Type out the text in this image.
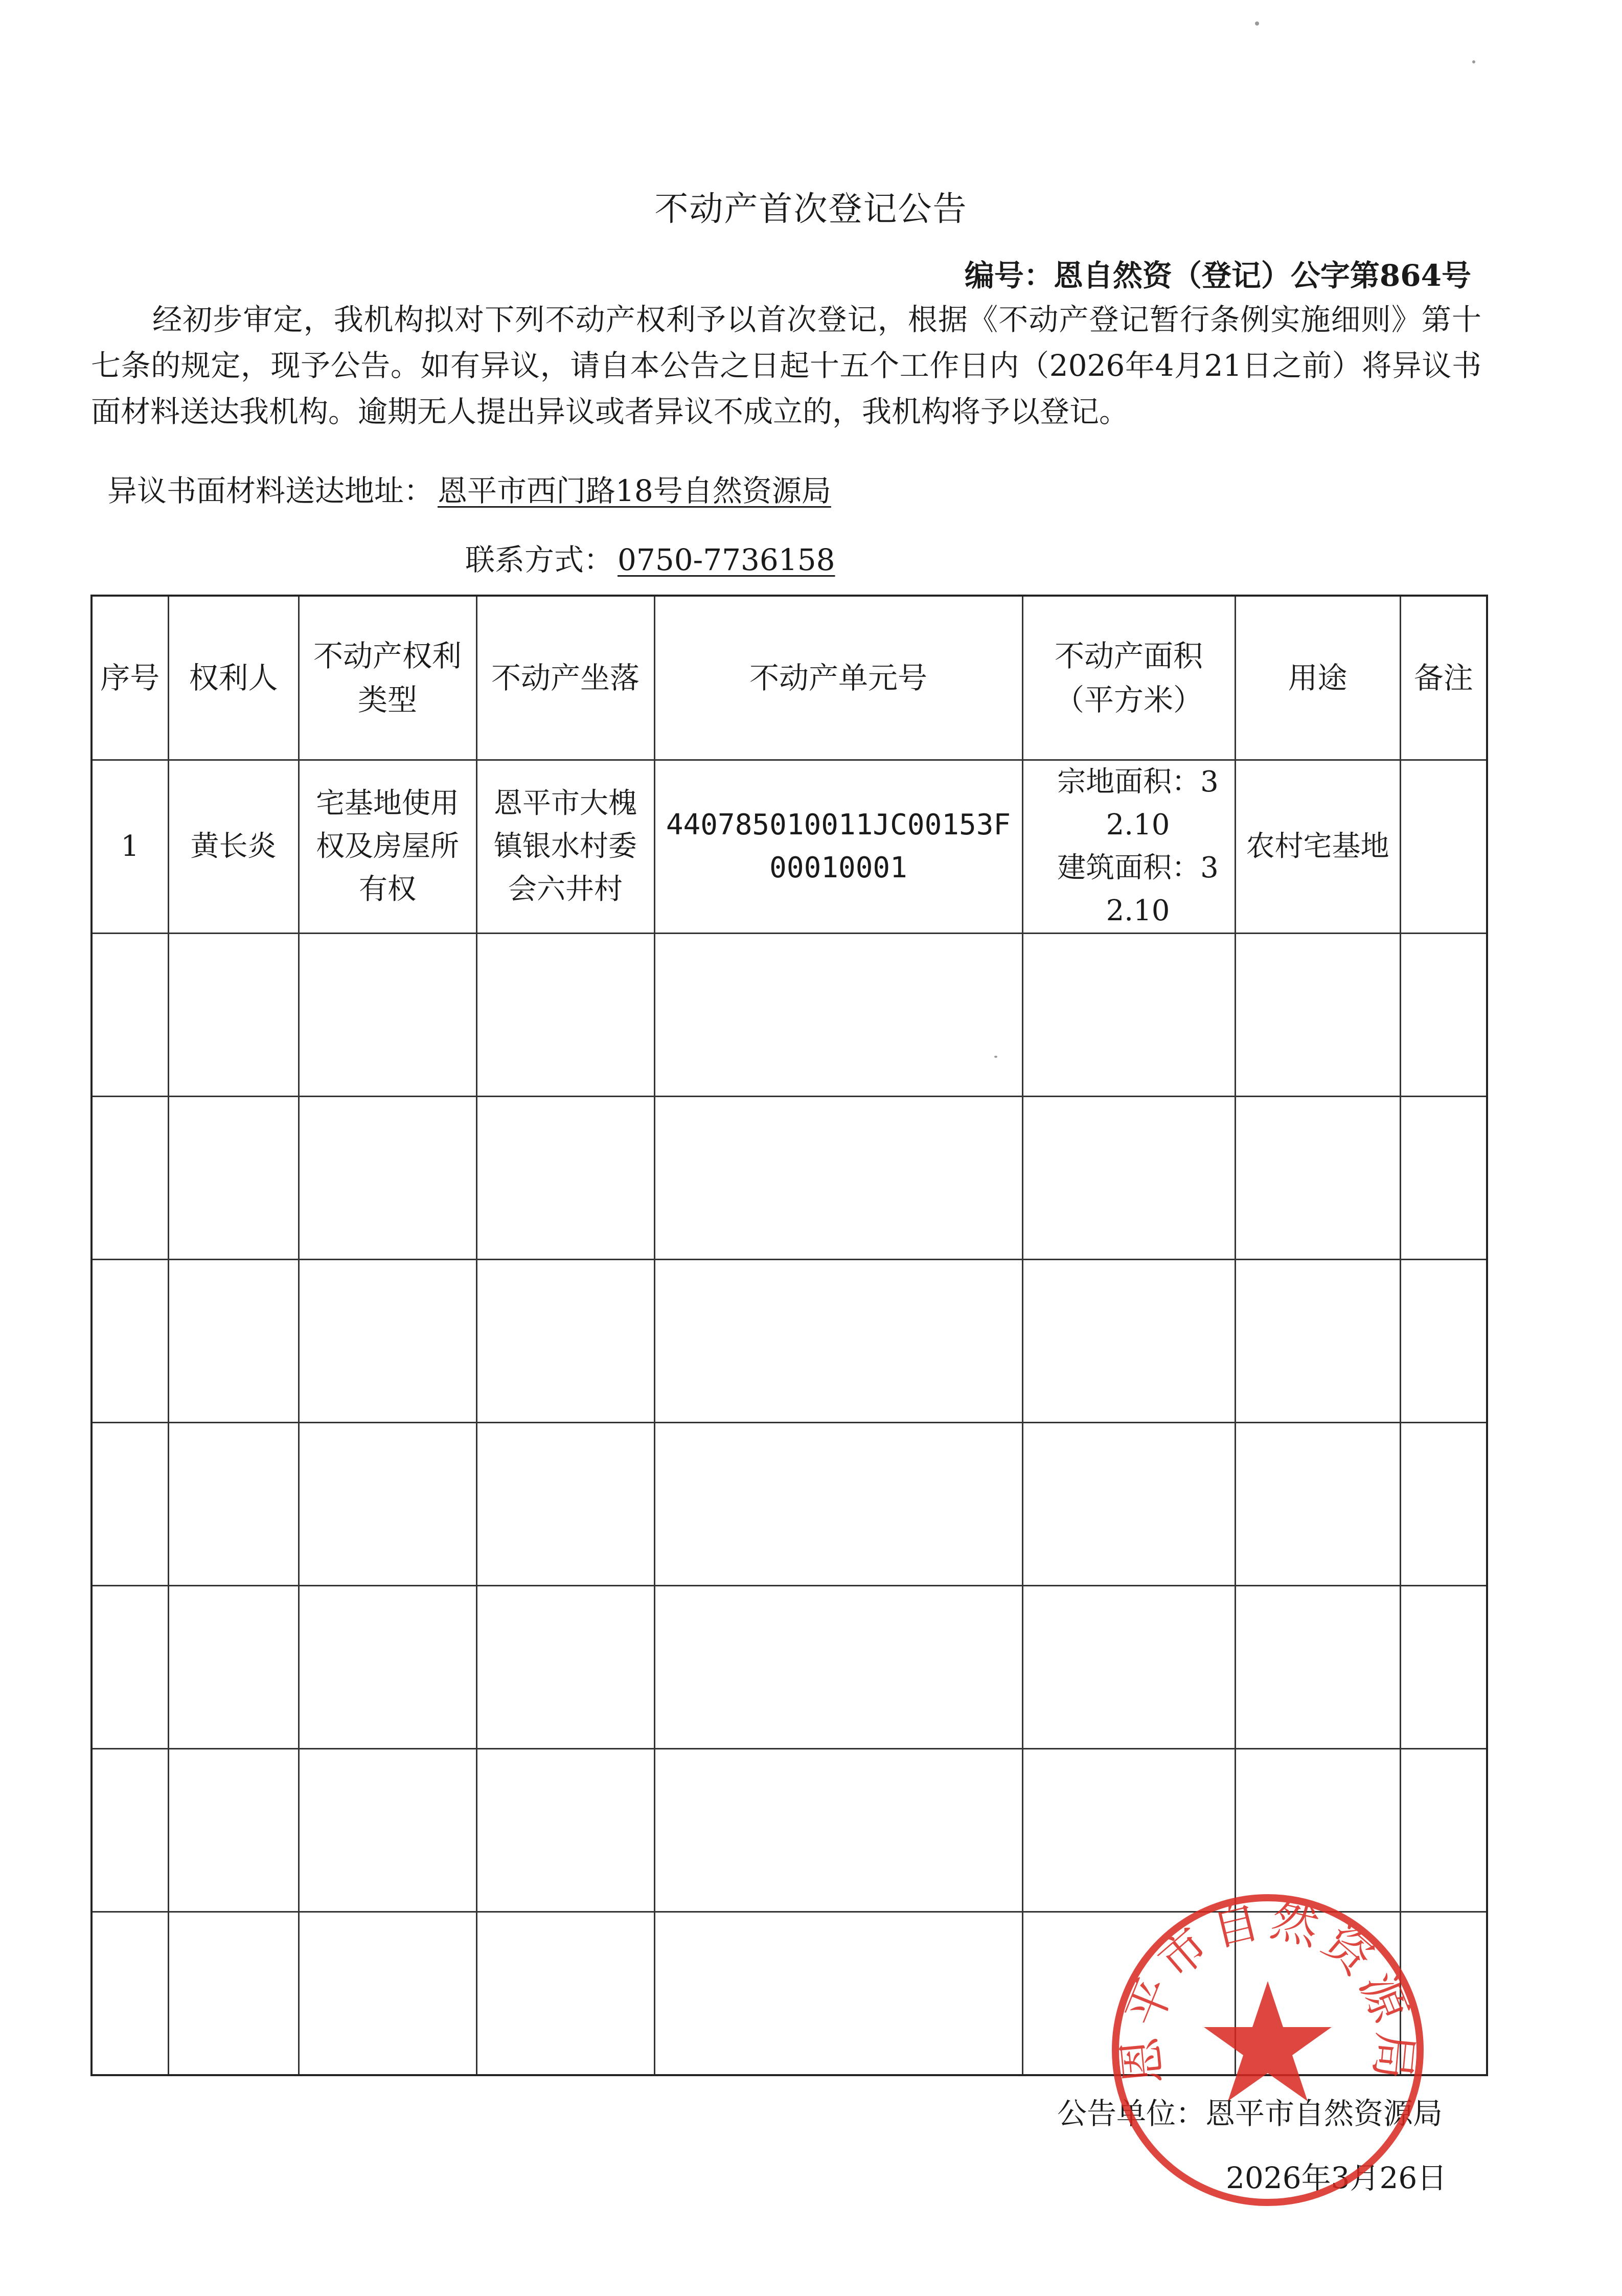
不动产首次登记公告
编号：恩自然资（登记）公字第864号
经初步审定，我机构拟对下列不动产权利予以首次登记，根据《不动产登记暂行条例实施细则》第十七条的规定，现予公告。如有异议，请自本公告之日起十五个工作日内（2026年4月21日之前）将异议书面材料送达我机构。逾期无人提出异议或者异议不成立的，我机构将予以登记。
异议书面材料送达地址： 恩平市西门路18号自然资源局
联系方式： 0750-7736158
序号	权利人	不动产权利类型	不动产坐落	不动产单元号	不动产面积（平方米）	用途	备注
1	黄长炎	宅基地使用权及房屋所有权	恩平市大槐镇银水村委会六井村	440785010011JC00153F00010001	宗地面积：32.10
建筑面积：32.10	农村宅基地	

公告单位：恩平市自然资源局
2026年3月26日
恩平市自然资源局
